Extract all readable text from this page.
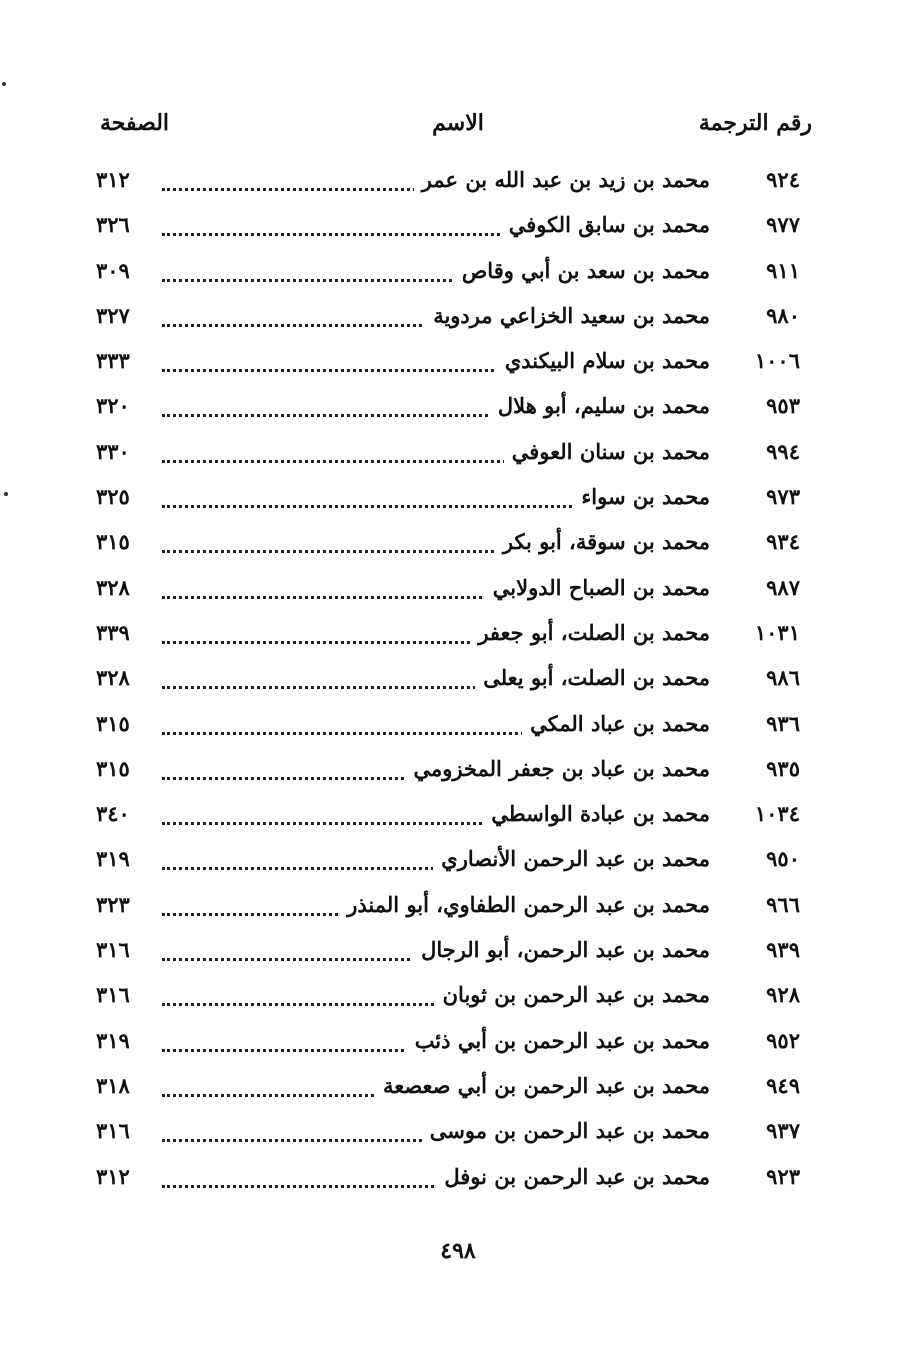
رقم الترجمة
الاسم
الصفحة
٩٢٤
محمد بن زيد بن عبد الله بن عمر
٣١٢
٩٧٧
محمد بن سابق الكوفي
٣٢٦
٩١١
محمد بن سعد بن أبي وقاص
٣٠٩
٩٨٠
محمد بن سعيد الخزاعي مردوية
٣٢٧
١٠٠٦
محمد بن سلام البيكندي
٣٣٣
٩٥٣
محمد بن سليم، أبو هلال
٣٢٠
٩٩٤
محمد بن سنان العوفي
٣٣٠
٩٧٣
محمد بن سواء
٣٢٥
٩٣٤
محمد بن سوقة، أبو بكر
٣١٥
٩٨٧
محمد بن الصباح الدولابي
٣٢٨
١٠٣١
محمد بن الصلت، أبو جعفر
٣٣٩
٩٨٦
محمد بن الصلت، أبو يعلى
٣٢٨
٩٣٦
محمد بن عباد المكي
٣١٥
٩٣٥
محمد بن عباد بن جعفر المخزومي
٣١٥
١٠٣٤
محمد بن عبادة الواسطي
٣٤٠
٩٥٠
محمد بن عبد الرحمن الأنصاري
٣١٩
٩٦٦
محمد بن عبد الرحمن الطفاوي، أبو المنذر
٣٢٣
٩٣٩
محمد بن عبد الرحمن، أبو الرجال
٣١٦
٩٢٨
محمد بن عبد الرحمن بن ثوبان
٣١٦
٩٥٢
محمد بن عبد الرحمن بن أبي ذئب
٣١٩
٩٤٩
محمد بن عبد الرحمن بن أبي صعصعة
٣١٨
٩٣٧
محمد بن عبد الرحمن بن موسى
٣١٦
٩٢٣
محمد بن عبد الرحمن بن نوفل
٣١٢
٤٩٨
